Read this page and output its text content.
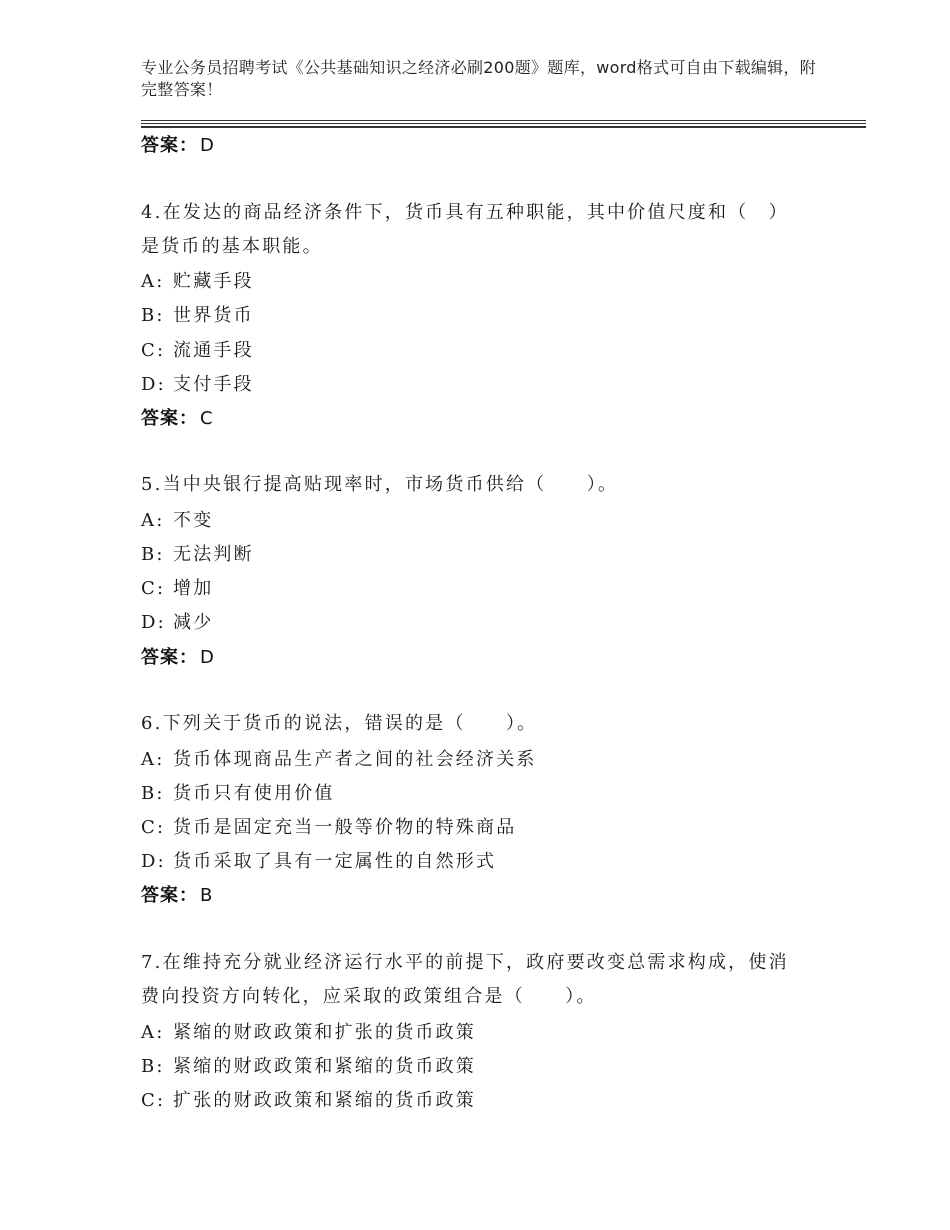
专业公务员招聘考试《公共基础知识之经济必刷200题》题库，word格式可自由下载编辑，附完整答案！
答案： D
4.在发达的商品经济条件下，货币具有五种职能，其中价值尺度和（　）是货币的基本职能。
A: 贮藏手段
B: 世界货币
C: 流通手段
D: 支付手段
答案： C
5.当中央银行提高贴现率时，市场货币供给（　　）。
A: 不变
B: 无法判断
C: 增加
D: 减少
答案： D
6.下列关于货币的说法，错误的是（　　）。
A: 货币体现商品生产者之间的社会经济关系
B: 货币只有使用价值
C: 货币是固定充当一般等价物的特殊商品
D: 货币采取了具有一定属性的自然形式
答案： B
7.在维持充分就业经济运行水平的前提下，政府要改变总需求构成，使消费向投资方向转化，应采取的政策组合是（　　）。
A: 紧缩的财政政策和扩张的货币政策
B: 紧缩的财政政策和紧缩的货币政策
C: 扩张的财政政策和紧缩的货币政策
